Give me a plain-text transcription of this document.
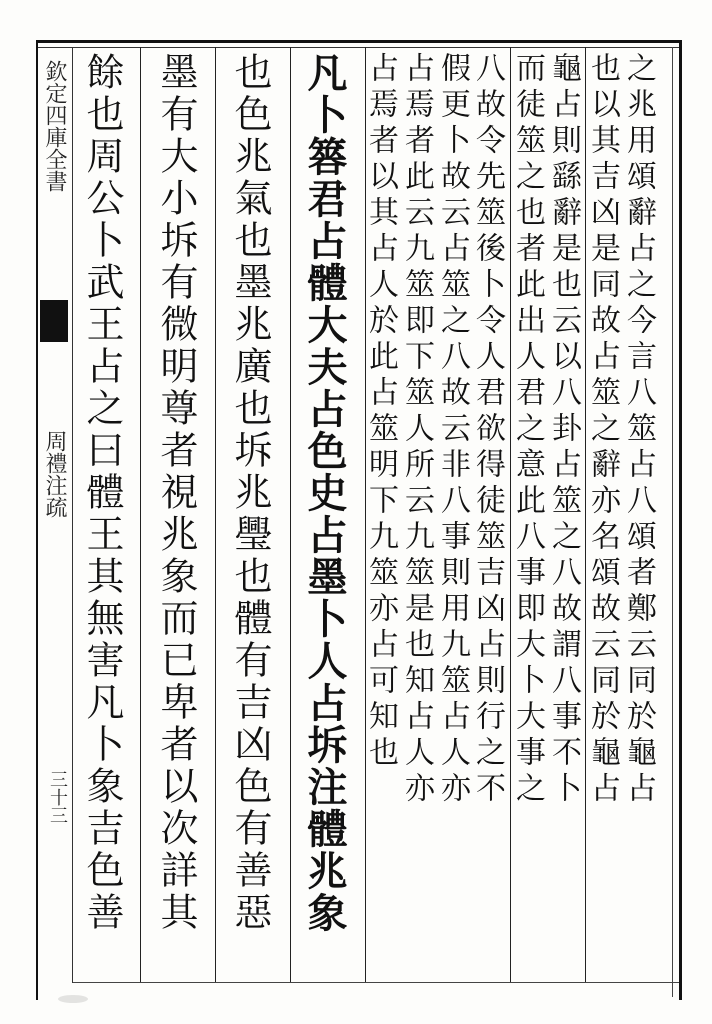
欽定四庫全書
周禮注疏
三十三	之兆用頌辭占之今言八筮占八頌者鄭云同於龜占
也以其吉凶是同故占筮之辭亦名頌故云同於龜占
龜占則繇辭是也云以八卦占筮之八故謂八事不卜
而徒筮之也者此出人君之意此八事即大卜大事之
八故令先筮後卜令人君欲得徒筮吉凶占則行之不
假更卜故云占筮之八故云非八事則用九筮占人亦
占焉者此云九筮即下筮人所云九筮是也知占人亦
占焉者以其占人於此占筮明下九筮亦占可知也
凡卜簭君占體大夫占色史占墨卜人占坼注體兆象
也色兆氣也墨兆廣也坼兆璺也體有吉凶色有善惡
墨有大小坼有微明尊者視兆象而已卑者以次詳其
餘也周公卜武王占之曰體王其無害凡卜象吉色善
